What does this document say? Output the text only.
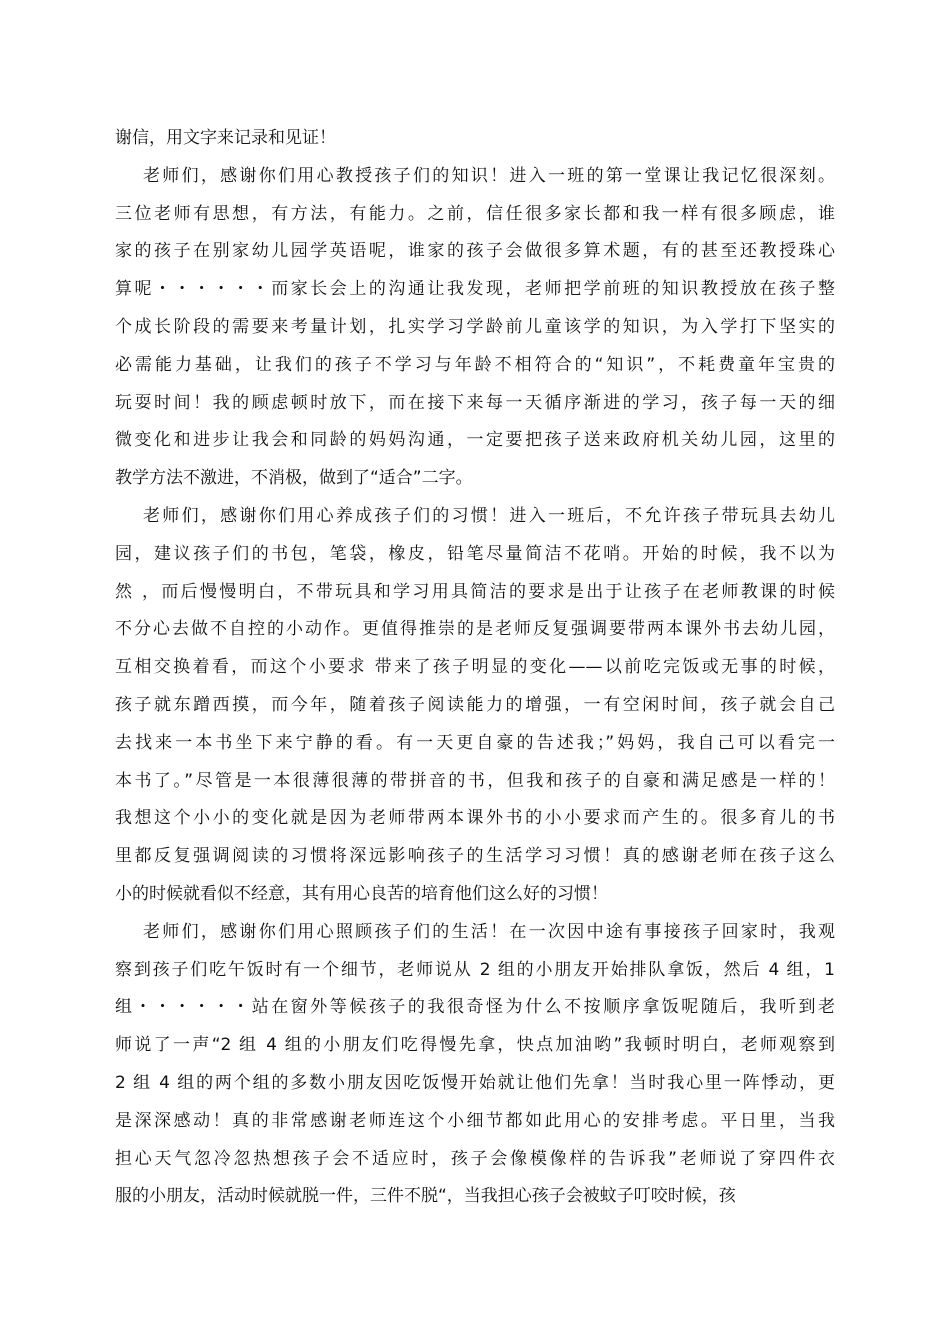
谢信，用文字来记录和见证！
老师们，感谢你们用心教授孩子们的知识！进入一班的第一堂课让我记忆很深刻。
三位老师有思想，有方法，有能力。之前，信任很多家长都和我一样有很多顾虑，谁
家的孩子在别家幼儿园学英语呢，谁家的孩子会做很多算术题，有的甚至还教授珠心
算呢・・・・・・而家长会上的沟通让我发现，老师把学前班的知识教授放在孩子整
个成长阶段的需要来考量计划，扎实学习学龄前儿童该学的知识，为入学打下坚实的
必需能力基础，让我们的孩子不学习与年龄不相符合的“知识”，不耗费童年宝贵的
玩耍时间！我的顾虑顿时放下，而在接下来每一天循序渐进的学习，孩子每一天的细
微变化和进步让我会和同龄的妈妈沟通，一定要把孩子送来政府机关幼儿园，这里的
教学方法不激进，不消极，做到了“适合”二字。
老师们，感谢你们用心养成孩子们的习惯！进入一班后，不允许孩子带玩具去幼儿
园，建议孩子们的书包，笔袋，橡皮，铅笔尽量简洁不花哨。开始的时候，我不以为
然 ，而后慢慢明白，不带玩具和学习用具简洁的要求是出于让孩子在老师教课的时候
不分心去做不自控的小动作。更值得推崇的是老师反复强调要带两本课外书去幼儿园，
互相交换着看，而这个小要求 带来了孩子明显的变化——以前吃完饭或无事的时候，
孩子就东蹭西摸，而今年，随着孩子阅读能力的增强，一有空闲时间，孩子就会自己
去找来一本书坐下来宁静的看。有一天更自豪的告述我；”妈妈，我自己可以看完一
本书了。”尽管是一本很薄很薄的带拼音的书，但我和孩子的自豪和满足感是一样的！
我想这个小小的变化就是因为老师带两本课外书的小小要求而产生的。很多育儿的书
里都反复强调阅读的习惯将深远影响孩子的生活学习习惯！真的感谢老师在孩子这么
小的时候就看似不经意，其有用心良苦的培育他们这么好的习惯！
老师们，感谢你们用心照顾孩子们的生活！在一次因中途有事接孩子回家时，我观
察到孩子们吃午饭时有一个细节，老师说从 2 组的小朋友开始排队拿饭，然后 4 组，1
组・・・・・・站在窗外等候孩子的我很奇怪为什么不按顺序拿饭呢随后，我听到老
师说了一声“2 组 4 组的小朋友们吃得慢先拿，快点加油哟”我顿时明白，老师观察到
2 组 4 组的两个组的多数小朋友因吃饭慢开始就让他们先拿！当时我心里一阵悸动，更
是深深感动！真的非常感谢老师连这个小细节都如此用心的安排考虑。平日里，当我
担心天气忽冷忽热想孩子会不适应时，孩子会像模像样的告诉我”老师说了穿四件衣
服的小朋友，活动时候就脱一件，三件不脱“，当我担心孩子会被蚊子叮咬时候，孩
